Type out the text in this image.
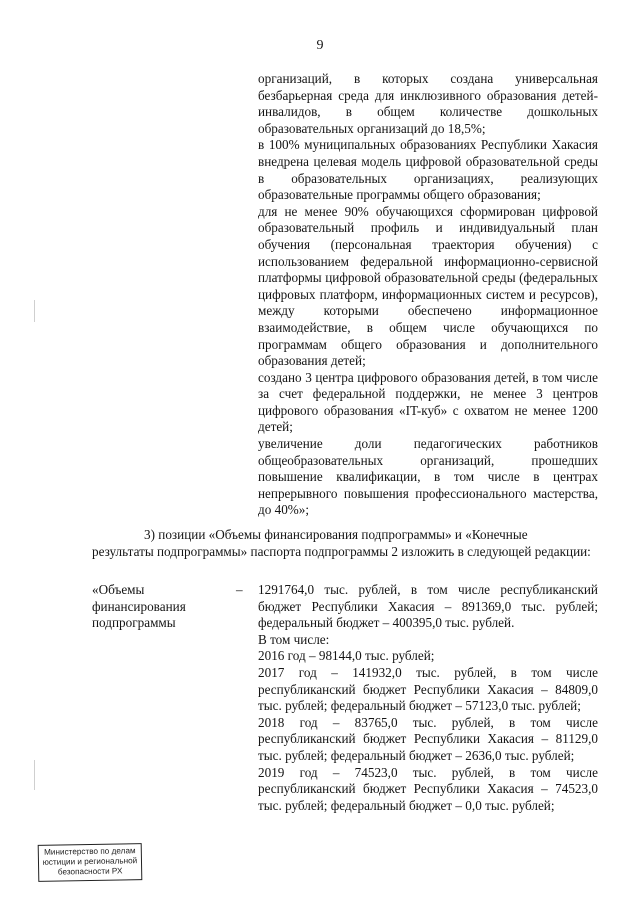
9

организаций, в которых создана универсальная безбарьерная среда для инклюзивного образования детей-инвалидов, в общем количестве дошкольных образовательных организаций до 18,5%;

в 100% муниципальных образованиях Республики Хакасия внедрена целевая модель цифровой образовательной среды в образовательных организациях, реализующих образовательные программы общего образования;

для не менее 90% обучающихся сформирован цифровой образовательный профиль и индивидуальный план обучения (персональная траектория обучения) с использованием федеральной информационно-сервисной платформы цифровой образовательной среды (федеральных цифровых платформ, информационных систем и ресурсов), между которыми обеспечено информационное взаимодействие, в общем числе обучающихся по программам общего образования и дополнительного образования детей;

создано 3 центра цифрового образования детей, в том числе за счет федеральной поддержки, не менее 3 центров цифрового образования «IT-куб» с охватом не менее 1200 детей;

увеличение доли педагогических работников общеобразовательных организаций, прошедших повышение квалификации, в том числе в центрах непрерывного повышения профессионального мастерства, до 40%»;

3) позиции «Объемы финансирования подпрограммы» и «Конечные

результаты подпрограммы» паспорта подпрограммы 2 изложить в следующей редакции:

«Объемы
финансирования
подпрограммы
– 1291764,0 тыс. рублей, в том числе республиканский бюджет Республики Хакасия – 891369,0 тыс. рублей; федеральный бюджет – 400395,0 тыс. рублей.

В том числе:

2016 год – 98144,0 тыс. рублей;

2017 год – 141932,0 тыс. рублей, в том числе республиканский бюджет Республики Хакасия – 84809,0 тыс. рублей; федеральный бюджет – 57123,0 тыс. рублей;

2018 год – 83765,0 тыс. рублей, в том числе республиканский бюджет Республики Хакасия – 81129,0 тыс. рублей; федеральный бюджет – 2636,0 тыс. рублей;

2019 год – 74523,0 тыс. рублей, в том числе республиканский бюджет Республики Хакасия – 74523,0 тыс. рублей; федеральный бюджет – 0,0 тыс. рублей;

Министерство по делам
юстиции и региональной
безопасности РХ
